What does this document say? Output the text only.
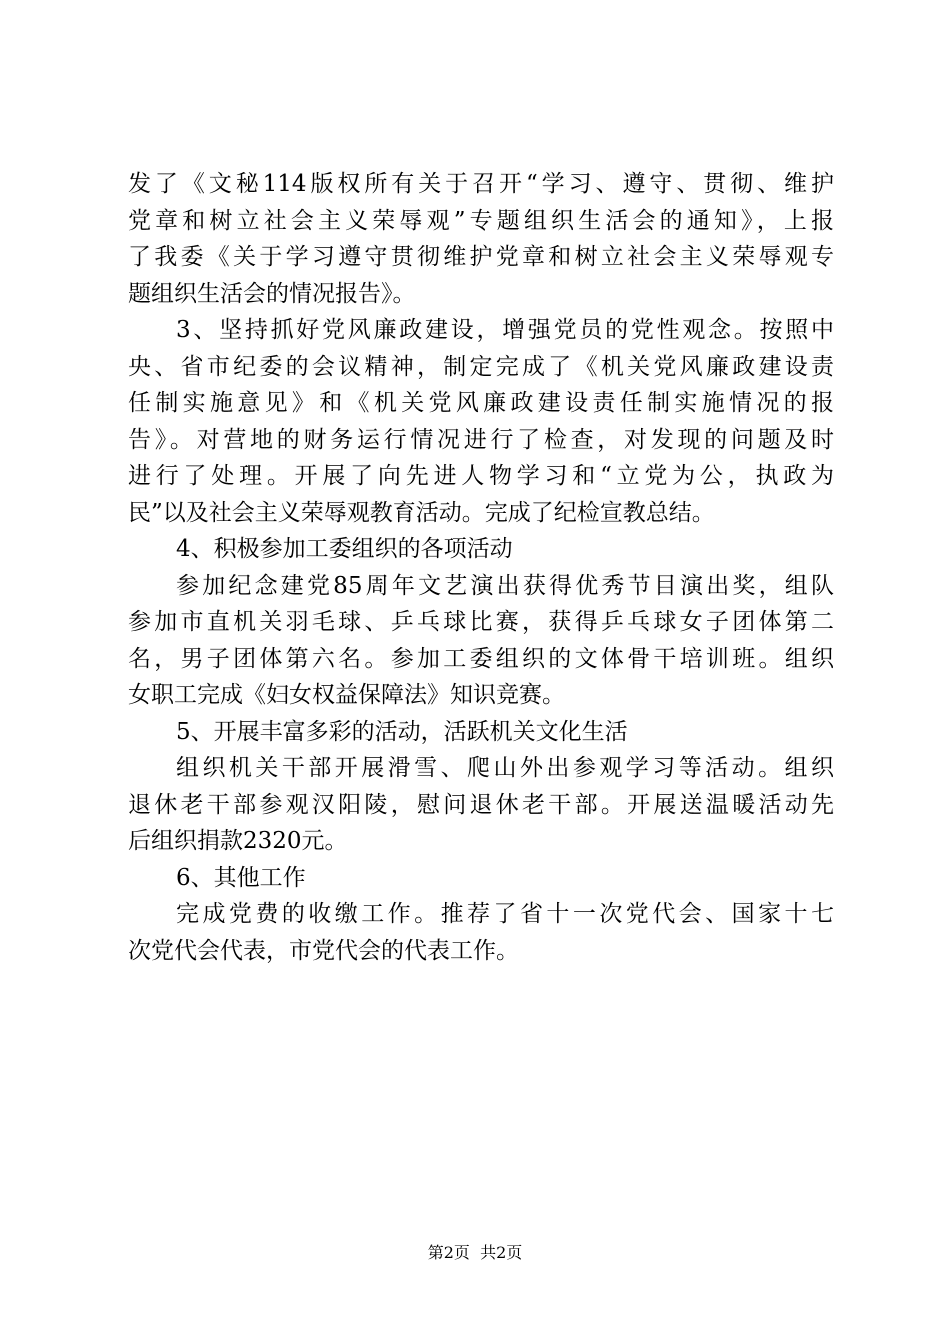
发了《文秘114版权所有关于召开“学习、遵守、贯彻、维护
党章和树立社会主义荣辱观”专题组织生活会的通知》，上报
了我委《关于学习遵守贯彻维护党章和树立社会主义荣辱观专
题组织生活会的情况报告》。
3、坚持抓好党风廉政建设，增强党员的党性观念。按照中
央、省市纪委的会议精神，制定完成了《机关党风廉政建设责
任制实施意见》和《机关党风廉政建设责任制实施情况的报
告》。对营地的财务运行情况进行了检查，对发现的问题及时
进行了处理。开展了向先进人物学习和“立党为公，执政为
民”以及社会主义荣辱观教育活动。完成了纪检宣教总结。
4、积极参加工委组织的各项活动
参加纪念建党85周年文艺演出获得优秀节目演出奖，组队
参加市直机关羽毛球、乒乓球比赛，获得乒乓球女子团体第二
名，男子团体第六名。参加工委组织的文体骨干培训班。组织
女职工完成《妇女权益保障法》知识竞赛。
5、开展丰富多彩的活动，活跃机关文化生活
组织机关干部开展滑雪、爬山外出参观学习等活动。组织
退休老干部参观汉阳陵，慰问退休老干部。开展送温暖活动先
后组织捐款2320元。
6、其他工作
完成党费的收缴工作。推荐了省十一次党代会、国家十七
次党代会代表，市党代会的代表工作。
第2页  共2页
